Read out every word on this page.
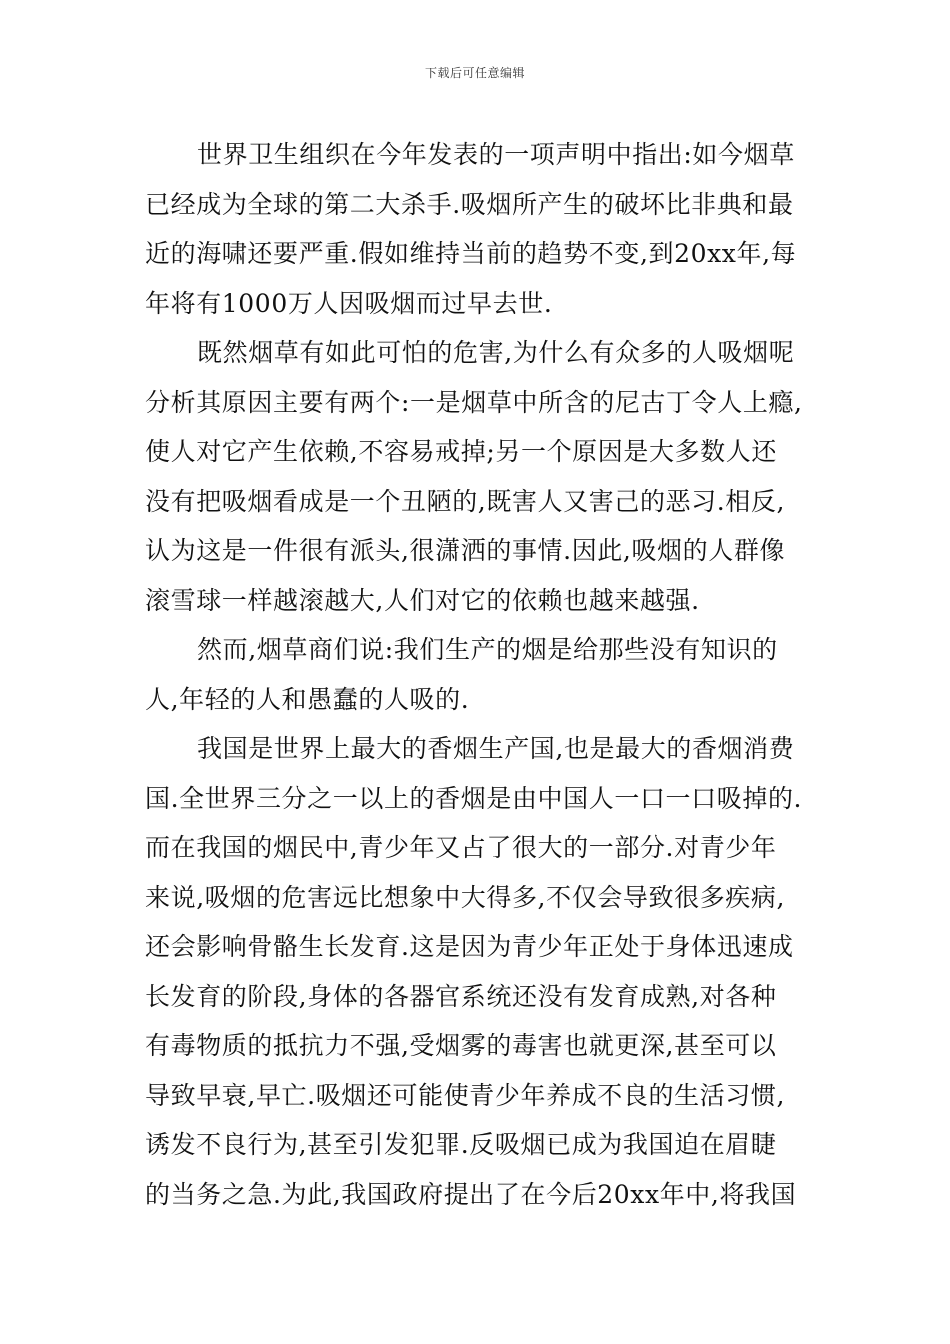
下载后可任意编辑
世界卫生组织在今年发表的一项声明中指出:如今烟草
已经成为全球的第二大杀手.吸烟所产生的破坏比非典和最
近的海啸还要严重.假如维持当前的趋势不变,到20xx年,每
年将有1000万人因吸烟而过早去世.
既然烟草有如此可怕的危害,为什么有众多的人吸烟呢
分析其原因主要有两个:一是烟草中所含的尼古丁令人上瘾,
使人对它产生依赖,不容易戒掉;另一个原因是大多数人还
没有把吸烟看成是一个丑陋的,既害人又害己的恶习.相反,
认为这是一件很有派头,很潇洒的事情.因此,吸烟的人群像
滚雪球一样越滚越大,人们对它的依赖也越来越强.
然而,烟草商们说:我们生产的烟是给那些没有知识的
人,年轻的人和愚蠢的人吸的.
我国是世界上最大的香烟生产国,也是最大的香烟消费
国.全世界三分之一以上的香烟是由中国人一口一口吸掉的.
而在我国的烟民中,青少年又占了很大的一部分.对青少年
来说,吸烟的危害远比想象中大得多,不仅会导致很多疾病,
还会影响骨骼生长发育.这是因为青少年正处于身体迅速成
长发育的阶段,身体的各器官系统还没有发育成熟,对各种
有毒物质的抵抗力不强,受烟雾的毒害也就更深,甚至可以
导致早衰,早亡.吸烟还可能使青少年养成不良的生活习惯,
诱发不良行为,甚至引发犯罪.反吸烟已成为我国迫在眉睫
的当务之急.为此,我国政府提出了在今后20xx年中,将我国
